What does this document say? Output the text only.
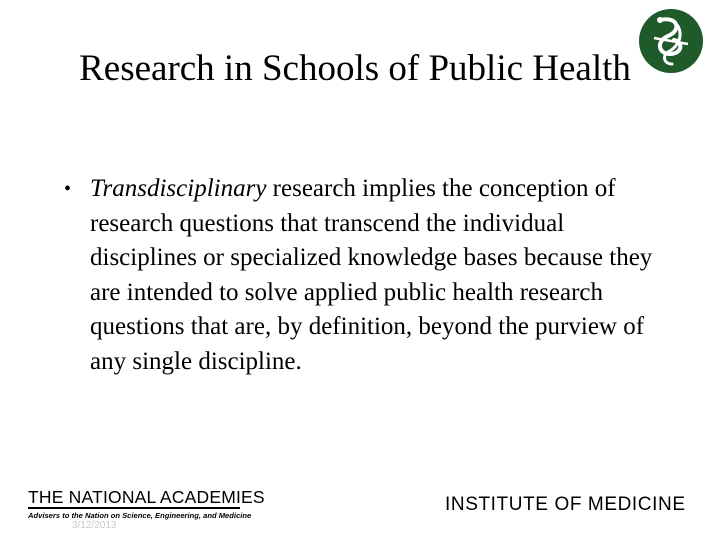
Research in Schools of Public Health
• Transdisciplinary research implies the conception of research questions that transcend the individual disciplines or specialized knowledge bases because they are intended to solve applied public health research questions that are, by definition, beyond the purview of any single discipline.
THE NATIONAL ACADEMIES
Advisers to the Nation on Science, Engineering, and Medicine
3/12/2013
INSTITUTE OF MEDICINE
